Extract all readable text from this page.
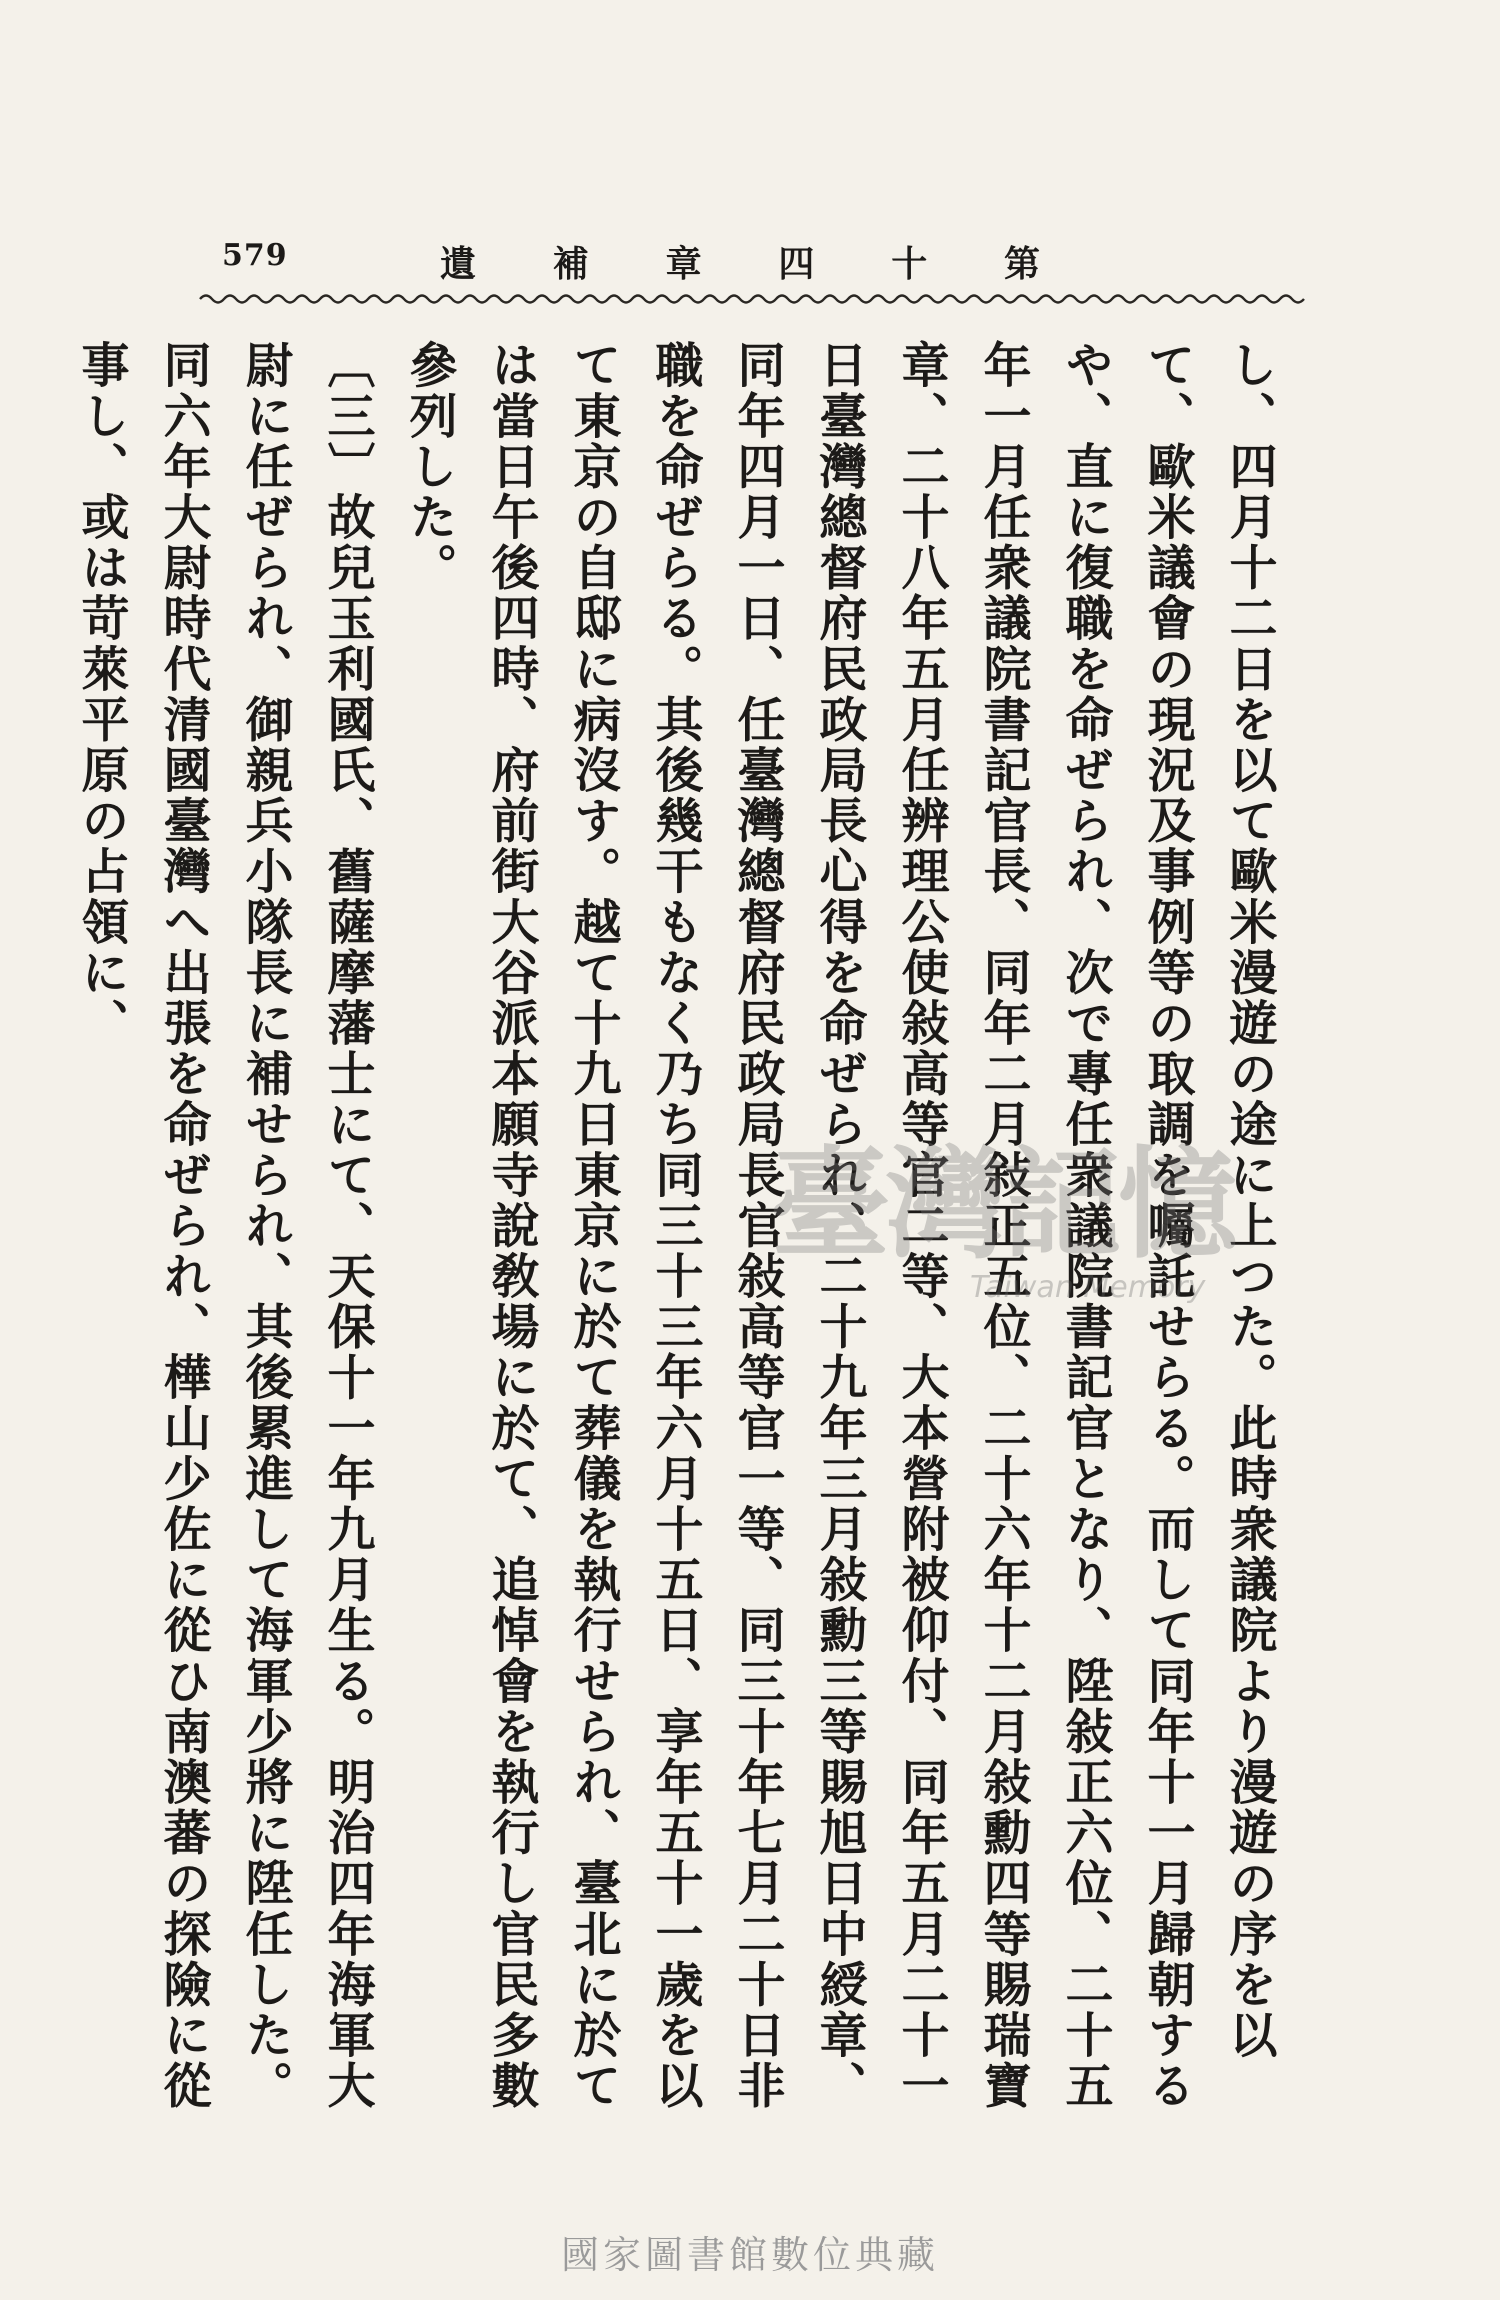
579	第
十
四
章
補
遺

し、四月十二日を以て歐米漫遊の途に上つた。此時衆議院より漫遊の序を以て、歐米議會の現況及事例等の取調を囑託せらる。而して同年十一月歸朝するや、直に復職を命ぜられ、次で專任衆議院書記官となり、陞敍正六位、二十五年一月任衆議院書記官長、同年二月敍正五位、二十六年十二月敍勳四等賜瑞寶章、二十八年五月任辨理公使敍高等官二等、大本營附被仰付、同年五月二十一日臺灣總督府民政局長心得を命ぜられ、二十九年三月敍勳三等賜旭日中綬章、同年四月一日、任臺灣總督府民政局長官敍高等官一等、同三十年七月二十日非職を命ぜらる。其後幾干もなく乃ち同三十三年六月十五日、享年五十一歲を以て東京の自邸に病沒す。越て十九日東京に於て葬儀を執行せられ、臺北に於ては當日午後四時、府前街大谷派本願寺說敎場に於て、追悼會を執行し官民多數參列した。

〔三〕故兒玉利國氏、舊薩摩藩士にて、天保十一年九月生る。明治四年海軍大尉に任ぜられ、御親兵小隊長に補せられ、其後累進して海軍少將に陞任した。同六年大尉時代清國臺灣へ出張を命ぜられ、樺山少佐に從ひ南澳蕃の探險に從事し、或は苛萊平原の占領に、

臺灣記憶
Taiwan Memory
國家圖書館數位典藏
